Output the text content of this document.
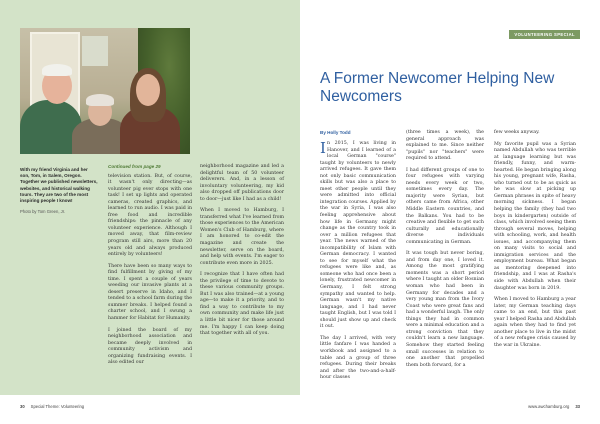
With my friend Virginia and her son, Tom, in Salem, Oregon. Together we published newsletters, websites, and historical walking tours. They are two of the most inspiring people I know!
Photo by Tom Green, Jr.
Continued from page 29

television station. But, of course, it wasn't only directing—as volunteer pig ever stops with one task! I set up lights and operated cameras, created graphics, and learned to run audio. I was paid in free food and incredible friendships: the pinnacle of any volunteer experience. Although I moved away, that film-review program still airs, more than 20 years old and always produced entirely by volunteers!

There have been so many ways to find fulfillment by giving of my time. I spent a couple of years weeding our invasive plants at a desert preserve in Idaho, and I tended to a school farm during the summer breaks. I helped found a charter school, and I swung a hammer for Habitat for Humanity.

I joined the board of my neighborhood association and became deeply involved in community activism and organizing fundraising events. I also edited our

neighborhood magazine and led a delightful team of 50 volunteer deliverers. And, in a lesson of involuntary volunteering, my kid also dropped off publications door to door—just like I had as a child!

When I moved to Hamburg, I transferred what I've learned from those experiences to the American Women's Club of Hamburg, where I am honored to co-edit the magazine and create the newsletter, serve on the board, and help with events. I'm eager to contribute even more in 2025.

I recognize that I have often had the privilege of time to devote to these various community groups. But I was also trained—at a young age—to make it a priority, and to find a way to contribute to my own community and make life just a little bit nicer for those around me. I'm happy I can keep doing that together with all of you.

30 Special Theme: Volunteering
VOLUNTEERING SPECIAL
A Former Newcomer Helping New Newcomers
By Holly Todd

In 2015, I was living in Hanover, and I learned of a local German "course" taught by volunteers to newly arrived refugees. It gave them not only basic communication skills but was also a place to meet other people until they were admitted into official integration courses. Applied by the war in Syria, I was also feeling apprehensive about how life in Germany might change as the country took in over a million refugees that year. The news warned of the incompatibility of Islam with German democracy. I wanted to see for myself what the refugees were like and, as someone who had once been a lonely, frustrated newcomer in Germany, I felt strong sympathy and wanted to help. German wasn't my native language, and I had never taught English, but I was told I should just show up and check it out.

The day I arrived, with very little fanfare I was handed a workbook and assigned to a table and a group of three refugees. During their breaks and after the two-and-a-half-hour classes

(three times a week), the general approach was explained to me. Since neither "pupils" nor "teachers" were required to attend.

I had different groups of one to four refugees with varying needs every week or two, sometimes every day. The majority were Syrian, but others came from Africa, other Middle Eastern countries, and the Balkans. You had to be creative and flexible to get such culturally and educationally diverse individuals communicating in German.

It was tough but never boring, and from day one, I loved it. Among the most gratifying moments was a short period where I taught an older Bosnian woman who had been in Germany for decades and a very young man from the Ivory Coast who were great fans and had a wonderful laugh. The only things they had in common were a minimal education and a strong conviction that they couldn't learn a new language. Somehow they started feeling small successes in relation to one another that propelled them both forward, for a

few weeks anyway.

My favorite pupil was a Syrian named Abdullah who was terrible at language learning but was friendly, funny, and warm-hearted. He began bringing along his young, pregnant wife, Rasha, who turned out to be as quick as he was slow at picking up German phrases in spite of heavy morning sickness. I began helping the family (they had two boys in kindergarten) outside of class, which involved seeing them through several moves, helping with schooling, work, and health issues, and accompanying them on many visits to social and immigration services and the employment bureau. What began as mentoring deepened into friendship, and I was at Rasha's side with Abdullah when their daughter was born in 2019.

When I moved to Hamburg a year later, my German teaching days came to an end, but this past year I helped Rasha and Abdullah again when they had to find yet another place to live in the midst of a new refugee crisis caused by the war in Ukraine.

www.awchamburg.org 33
